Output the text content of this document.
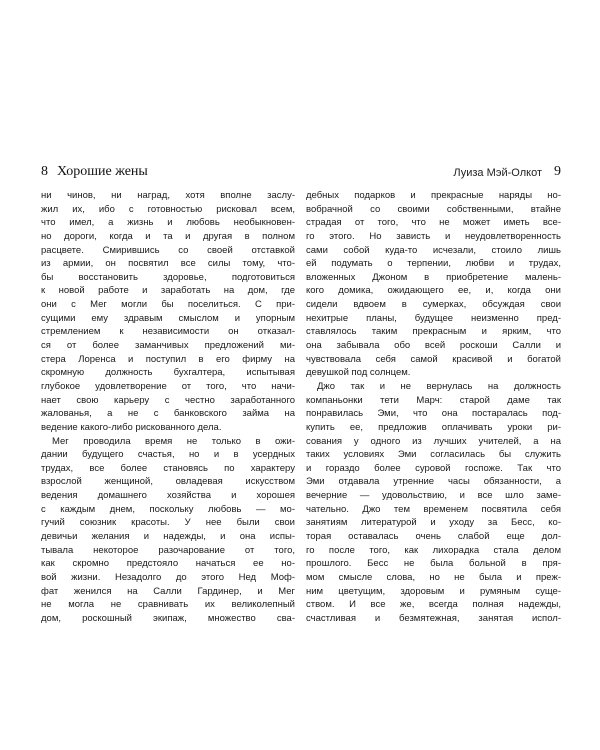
8 Хорошие жены
ни чинов, ни наград, хотя вполне заслу-
жил их, ибо с готовностью рисковал всем,
что имел, а жизнь и любовь необыкновен-
но дороги, когда и та и другая в полном
расцвете. Смирившись со своей отставкой
из армии, он посвятил все силы тому, что-
бы восстановить здоровье, подготовиться
к новой работе и заработать на дом, где
они с Мег могли бы поселиться. С при-
сущими ему здравым смыслом и упорным
стремлением к независимости он отказал-
ся от более заманчивых предложений ми-
стера Лоренса и поступил в его фирму на
скромную должность бухгалтера, испытывая
глубокое удовлетворение от того, что начи-
нает свою карьеру с честно заработанного
жалованья, а не с банковского займа на
ведение какого-либо рискованного дела.
Мег проводила время не только в ожи-
дании будущего счастья, но и в усердных
трудах, все более становясь по характеру
взрослой женщиной, овладевая искусством
ведения домашнего хозяйства и хорошея
с каждым днем, поскольку любовь — мо-
гучий союзник красоты. У нее были свои
девичьи желания и надежды, и она испы-
тывала некоторое разочарование от того,
как скромно предстояло начаться ее но-
вой жизни. Незадолго до этого Нед Моф-
фат женился на Салли Гардинер, и Мег
не могла не сравнивать их великолепный
дом, роскошный экипаж, множество сва-
Луиза Мэй-Олкот 9
дебных подарков и прекрасные наряды но-
вобрачной со своими собственными, втайне
страдая от того, что не может иметь все-
го этого. Но зависть и неудовлетворенность
сами собой куда-то исчезали, стоило лишь
ей подумать о терпении, любви и трудах,
вложенных Джоном в приобретение малень-
кого домика, ожидающего ее, и, когда они
сидели вдвоем в сумерках, обсуждая свои
нехитрые планы, будущее неизменно пред-
ставлялось таким прекрасным и ярким, что
она забывала обо всей роскоши Салли и
чувствовала себя самой красивой и богатой
девушкой под солнцем.
Джо так и не вернулась на должность
компаньонки тети Марч: старой даме так
понравилась Эми, что она постаралась под-
купить ее, предложив оплачивать уроки ри-
сования у одного из лучших учителей, а на
таких условиях Эми согласилась бы служить
и гораздо более суровой госпоже. Так что
Эми отдавала утренние часы обязанности, а
вечерние — удовольствию, и все шло заме-
чательно. Джо тем временем посвятила себя
занятиям литературой и уходу за Бесс, ко-
торая оставалась очень слабой еще дол-
го после того, как лихорадка стала делом
прошлого. Бесс не была больной в пря-
мом смысле слова, но не была и преж-
ним цветущим, здоровым и румяным суще-
ством. И все же, всегда полная надежды,
счастливая и безмятежная, занятая испол-
